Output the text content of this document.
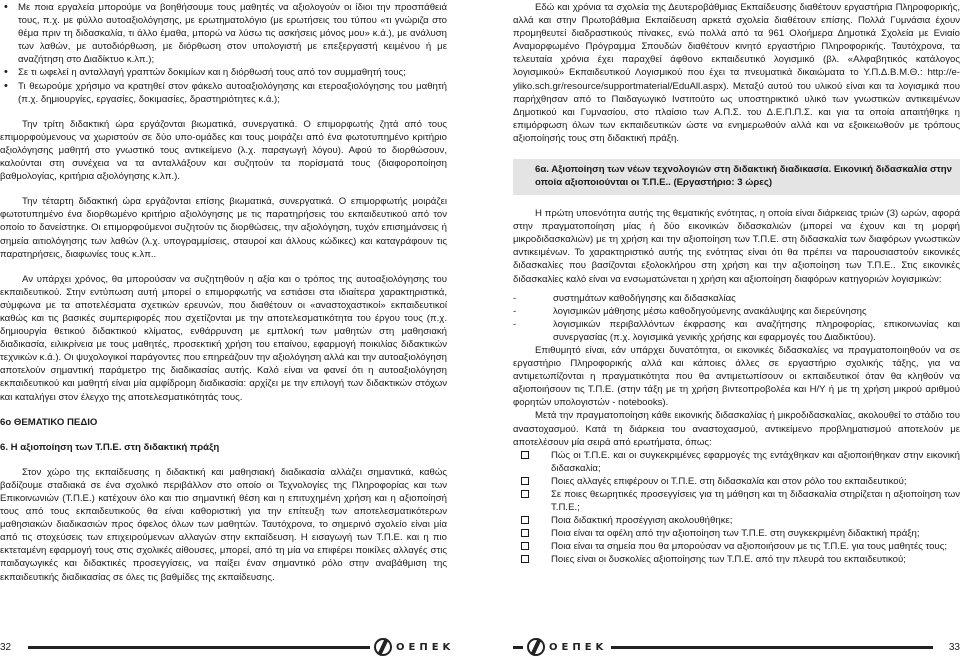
• Με ποια εργαλεία μπορούμε να βοηθήσουμε τους μαθητές να αξιολογούν οι ίδιοι την προσπάθειά τους, π.χ. με φύλλο αυτοαξιολόγησης, με ερωτηματολόγιο (με ερωτήσεις του τύπου «τι γνώριζα στο θέμα πριν τη διδασκαλία, τι άλλο έμαθα, μπορώ να λύσω τις ασκήσεις μόνος μου» κ.ά.), με ανάλυση των λαθών, με αυτοδιόρθωση, με διόρθωση στον υπολογιστή με επεξεργαστή κειμένου ή με αναζήτηση στο Διαδίκτυο κ.λπ.);
• Σε τι ωφελεί η ανταλλαγή γραπτών δοκιμίων και η διόρθωσή τους από τον συμμαθητή τους;
• Τι θεωρούμε χρήσιμο να κρατηθεί στον φάκελο αυτοαξιολόγησης και ετεροαξιολόγησης του μαθητή (π.χ. δημιουργίες, εργασίες, δοκιμασίες, δραστηριότητες κ.ά.);

Την τρίτη διδακτική ώρα εργάζονται βιωματικά, συνεργατικά. Ο επιμορφωτής ζητά από τους επιμορφούμενους να χωριστούν σε δύο υπο-ομάδες και τους μοιράζει από ένα φωτοτυπημένο κριτήριο αξιολόγησης μαθητή στο γνωστικό τους αντικείμενο (λ.χ. παραγωγή λόγου). Αφού το διορθώσουν, καλούνται στη συνέχεια να τα ανταλλάξουν και συζητούν τα πορίσματά τους (διαφοροποίηση βαθμολογίας, κριτήρια αξιολόγησης κ.λπ.).

Την τέταρτη διδακτική ώρα εργάζονται επίσης βιωματικά, συνεργατικά. Ο επιμορφωτής μοιράζει φωτοτυπημένο ένα διορθωμένο κριτήριο αξιολόγησης με τις παρατηρήσεις του εκπαιδευτικού από τον οποίο το δανείστηκε. Οι επιμορφούμενοι συζητούν τις διορθώσεις, την αξιολόγηση, τυχόν επισημάνσεις ή σημεία αιτιολόγησης των λαθών (λ.χ. υπογραμμίσεις, σταυροί και άλλους κώδικες) και καταγράφουν τις παρατηρήσεις, διαφωνίες τους κ.λπ..

Αν υπάρχει χρόνος, θα μπορούσαν να συζητηθούν η αξία και ο τρόπος της αυτοαξιολόγησης του εκπαιδευτικού. Στην εντύπωση αυτή μπορεί ο επιμορφωτής να εστιάσει στα ιδιαίτερα χαρακτηριστικά, σύμφωνα με τα αποτελέσματα σχετικών ερευνών, που διαθέτουν οι «αναστοχαστικοί» εκπαιδευτικοί καθώς και τις βασικές συμπεριφορές που σχετίζονται με την αποτελεσματικότητα του έργου τους (π.χ. δημιουργία θετικού διδακτικού κλίματος, ενθάρρυνση με εμπλοκή των μαθητών στη μαθησιακή διαδικασία, ειλικρίνεια με τους μαθητές, προσεκτική χρήση του επαίνου, εφαρμογή ποικιλίας διδακτικών τεχνικών κ.ά.). Οι ψυχολογικοί παράγοντες που επηρεάζουν την αξιολόγηση αλλά και την αυτοαξιολόγηση αποτελούν σημαντική παράμετρο της διαδικασίας αυτής. Καλό είναι να φανεί ότι η αυτοαξιολόγηση εκπαιδευτικού και μαθητή είναι μία αμφίδρομη διαδικασία: αρχίζει με την επιλογή των διδακτικών στόχων και καταλήγει στον έλεγχο της αποτελεσματικότητάς τους.

6ο ΘΕΜΑΤΙΚΟ ΠΕΔΙΟ

6. Η αξιοποίηση των Τ.Π.Ε. στη διδακτική πράξη

Στον χώρο της εκπαίδευσης η διδακτική και μαθησιακή διαδικασία αλλάζει σημαντικά, καθώς βαδίζουμε σταδιακά σε ένα σχολικό περιβάλλον στο οποίο οι Τεχνολογίες της Πληροφορίας και των Επικοινωνιών (Τ.Π.Ε.) κατέχουν όλο και πιο σημαντική θέση και η επιτυχημένη χρήση και η αξιοποίησή τους από τους εκπαιδευτικούς θα είναι καθοριστική για την επίτευξη των αποτελεσματικότερων μαθησιακών διαδικασιών προς όφελος όλων των μαθητών. Ταυτόχρονα, το σημερινό σχολείο είναι μία από τις στοχεύσεις των επιχειρούμενων αλλαγών στην εκπαίδευση. Η εισαγωγή των Τ.Π.Ε. και η πιο εκτεταμένη εφαρμογή τους στις σχολικές αίθουσες, μπορεί, από τη μία να επιφέρει ποικίλες αλλαγές στις παιδαγωγικές και διδακτικές προσεγγίσεις, να παίξει έναν σημαντικό ρόλο στην αναβάθμιση της εκπαιδευτικής διαδικασίας σε όλες τις βαθμίδες της εκπαίδευσης.

Εδώ και χρόνια τα σχολεία της Δευτεροβάθμιας Εκπαίδευσης διαθέτουν εργαστήρια Πληροφορικής, αλλά και στην Πρωτοβάθμια Εκπαίδευση αρκετά σχολεία διαθέτουν επίσης. Πολλά Γυμνάσια έχουν προμηθευτεί διαδραστικούς πίνακες, ενώ πολλά από τα 961 Ολοήμερα Δημοτικά Σχολεία με Ενιαίο Αναμορφωμένο Πρόγραμμα Σπουδών διαθέτουν κινητό εργαστήριο Πληροφορικής. Ταυτόχρονα, τα τελευταία χρόνια έχει παραχθεί άφθονο εκπαιδευτικό λογισμικό (βλ. «Αλφαβητικός κατάλογος λογισμικού» Εκπαιδευτικού Λογισμικού που έχει τα πνευματικά δικαιώματα το Υ.Π.Δ.Β.Μ.Θ.: http://e-yliko.sch.gr/resource/supportmaterial/EduAll.aspx). Μεταξύ αυτού του υλικού είναι και τα λογισμικά που παρήχθησαν από το Παιδαγωγικό Ινστιτούτο ως υποστηρικτικό υλικό των γνωστικών αντικειμένων Δημοτικού και Γυμνασίου, στο πλαίσιο των Α.Π.Σ. του Δ.Ε.Π.Π.Σ. και για τα οποία απαιτήθηκε η επιμόρφωση όλων των εκπαιδευτικών ώστε να ενημερωθούν αλλά και να εξοικειωθούν με τρόπους αξιοποίησής τους στη διδακτική πράξη.

6α. Αξιοποίηση των νέων τεχνολογιών στη διδακτική διαδικασία. Εικονική διδασκαλία στην οποία αξιοποιούνται οι Τ.Π.Ε.. (Εργαστήριο: 3 ώρες)

Η πρώτη υποενότητα αυτής της θεματικής ενότητας, η οποία είναι διάρκειας τριών (3) ωρών, αφορά στην πραγματοποίηση μίας ή δύο εικονικών διδασκαλιών (μπορεί να έχουν και τη μορφή μικροδιδασκαλιών) με τη χρήση και την αξιοποίηση των Τ.Π.Ε. στη διδασκαλία των διαφόρων γνωστικών αντικειμένων. Το χαρακτηριστικό αυτής της ενότητας είναι ότι θα πρέπει να παρουσιαστούν εικονικές διδασκαλίες που βασίζονται εξολοκλήρου στη χρήση και την αξιοποίηση των Τ.Π.Ε.. Στις εικονικές διδασκαλίες καλό είναι να ενσωματώνεται η χρήση και αξιοποίηση διαφόρων κατηγοριών λογισμικών:

- συστημάτων καθοδήγησης και διδασκαλίας
- λογισμικών μάθησης μέσω καθοδηγούμενης ανακάλυψης και διερεύνησης
- λογισμικών περιβαλλόντων έκφρασης και αναζήτησης πληροφορίας, επικοινωνίας και συνεργασίας (π.χ. λογισμικά γενικής χρήσης και εφαρμογές του Διαδικτύου).

Επιθυμητό είναι, εάν υπάρχει δυνατότητα, οι εικονικές διδασκαλίες να πραγματοποιηθούν να σε εργαστήριο Πληροφορικής αλλά και κάποιες άλλες σε εργαστήριο σχολικής τάξης, για να αντιμετωπίζονται η πραγματικότητα που θα αντιμετωπίσουν οι εκπαιδευτικοί όταν θα κληθούν να αξιοποιήσουν τις Τ.Π.Ε. (στην τάξη με τη χρήση βιντεοπροβολέα και Η/Υ ή με τη χρήση μικρού αριθμού φορητών υπολογιστών - notebooks).

Μετά την πραγματοποίηση κάθε εικονικής διδασκαλίας ή μικροδιδασκαλίας, ακολουθεί το στάδιο του αναστοχασμού. Κατά τη διάρκεια του αναστοχασμού, αντικείμενο προβληματισμού αποτελούν με αποτελέσουν μία σειρά από ερωτήματα, όπως:

Πώς οι Τ.Π.Ε. και οι συγκεκριμένες εφαρμογές της εντάχθηκαν και αξιοποιήθηκαν στην εικονική διδασκαλία;
Ποιες αλλαγές επιφέρουν οι Τ.Π.Ε. στη διδασκαλία και στον ρόλο του εκπαιδευτικού;
Σε ποιες θεωρητικές προσεγγίσεις για τη μάθηση και τη διδασκαλία στηρίζεται η αξιοποίηση των Τ.Π.Ε.;
Ποια διδακτική προσέγγιση ακολουθήθηκε;
Ποια είναι τα οφέλη από την αξιοποίηση των Τ.Π.Ε. στη συγκεκριμένη διδακτική πράξη;
Ποια είναι τα σημεία που θα μπορούσαν να αξιοποιήσουν με τις Τ.Π.Ε. για τους μαθητές τους;
Ποιες είναι οι δυσκολίες αξιοποίησης των Τ.Π.Ε. από την πλευρά του εκπαιδευτικού;
32	ΟΕΠΕΚ	ΟΕΠΕΚ	33
